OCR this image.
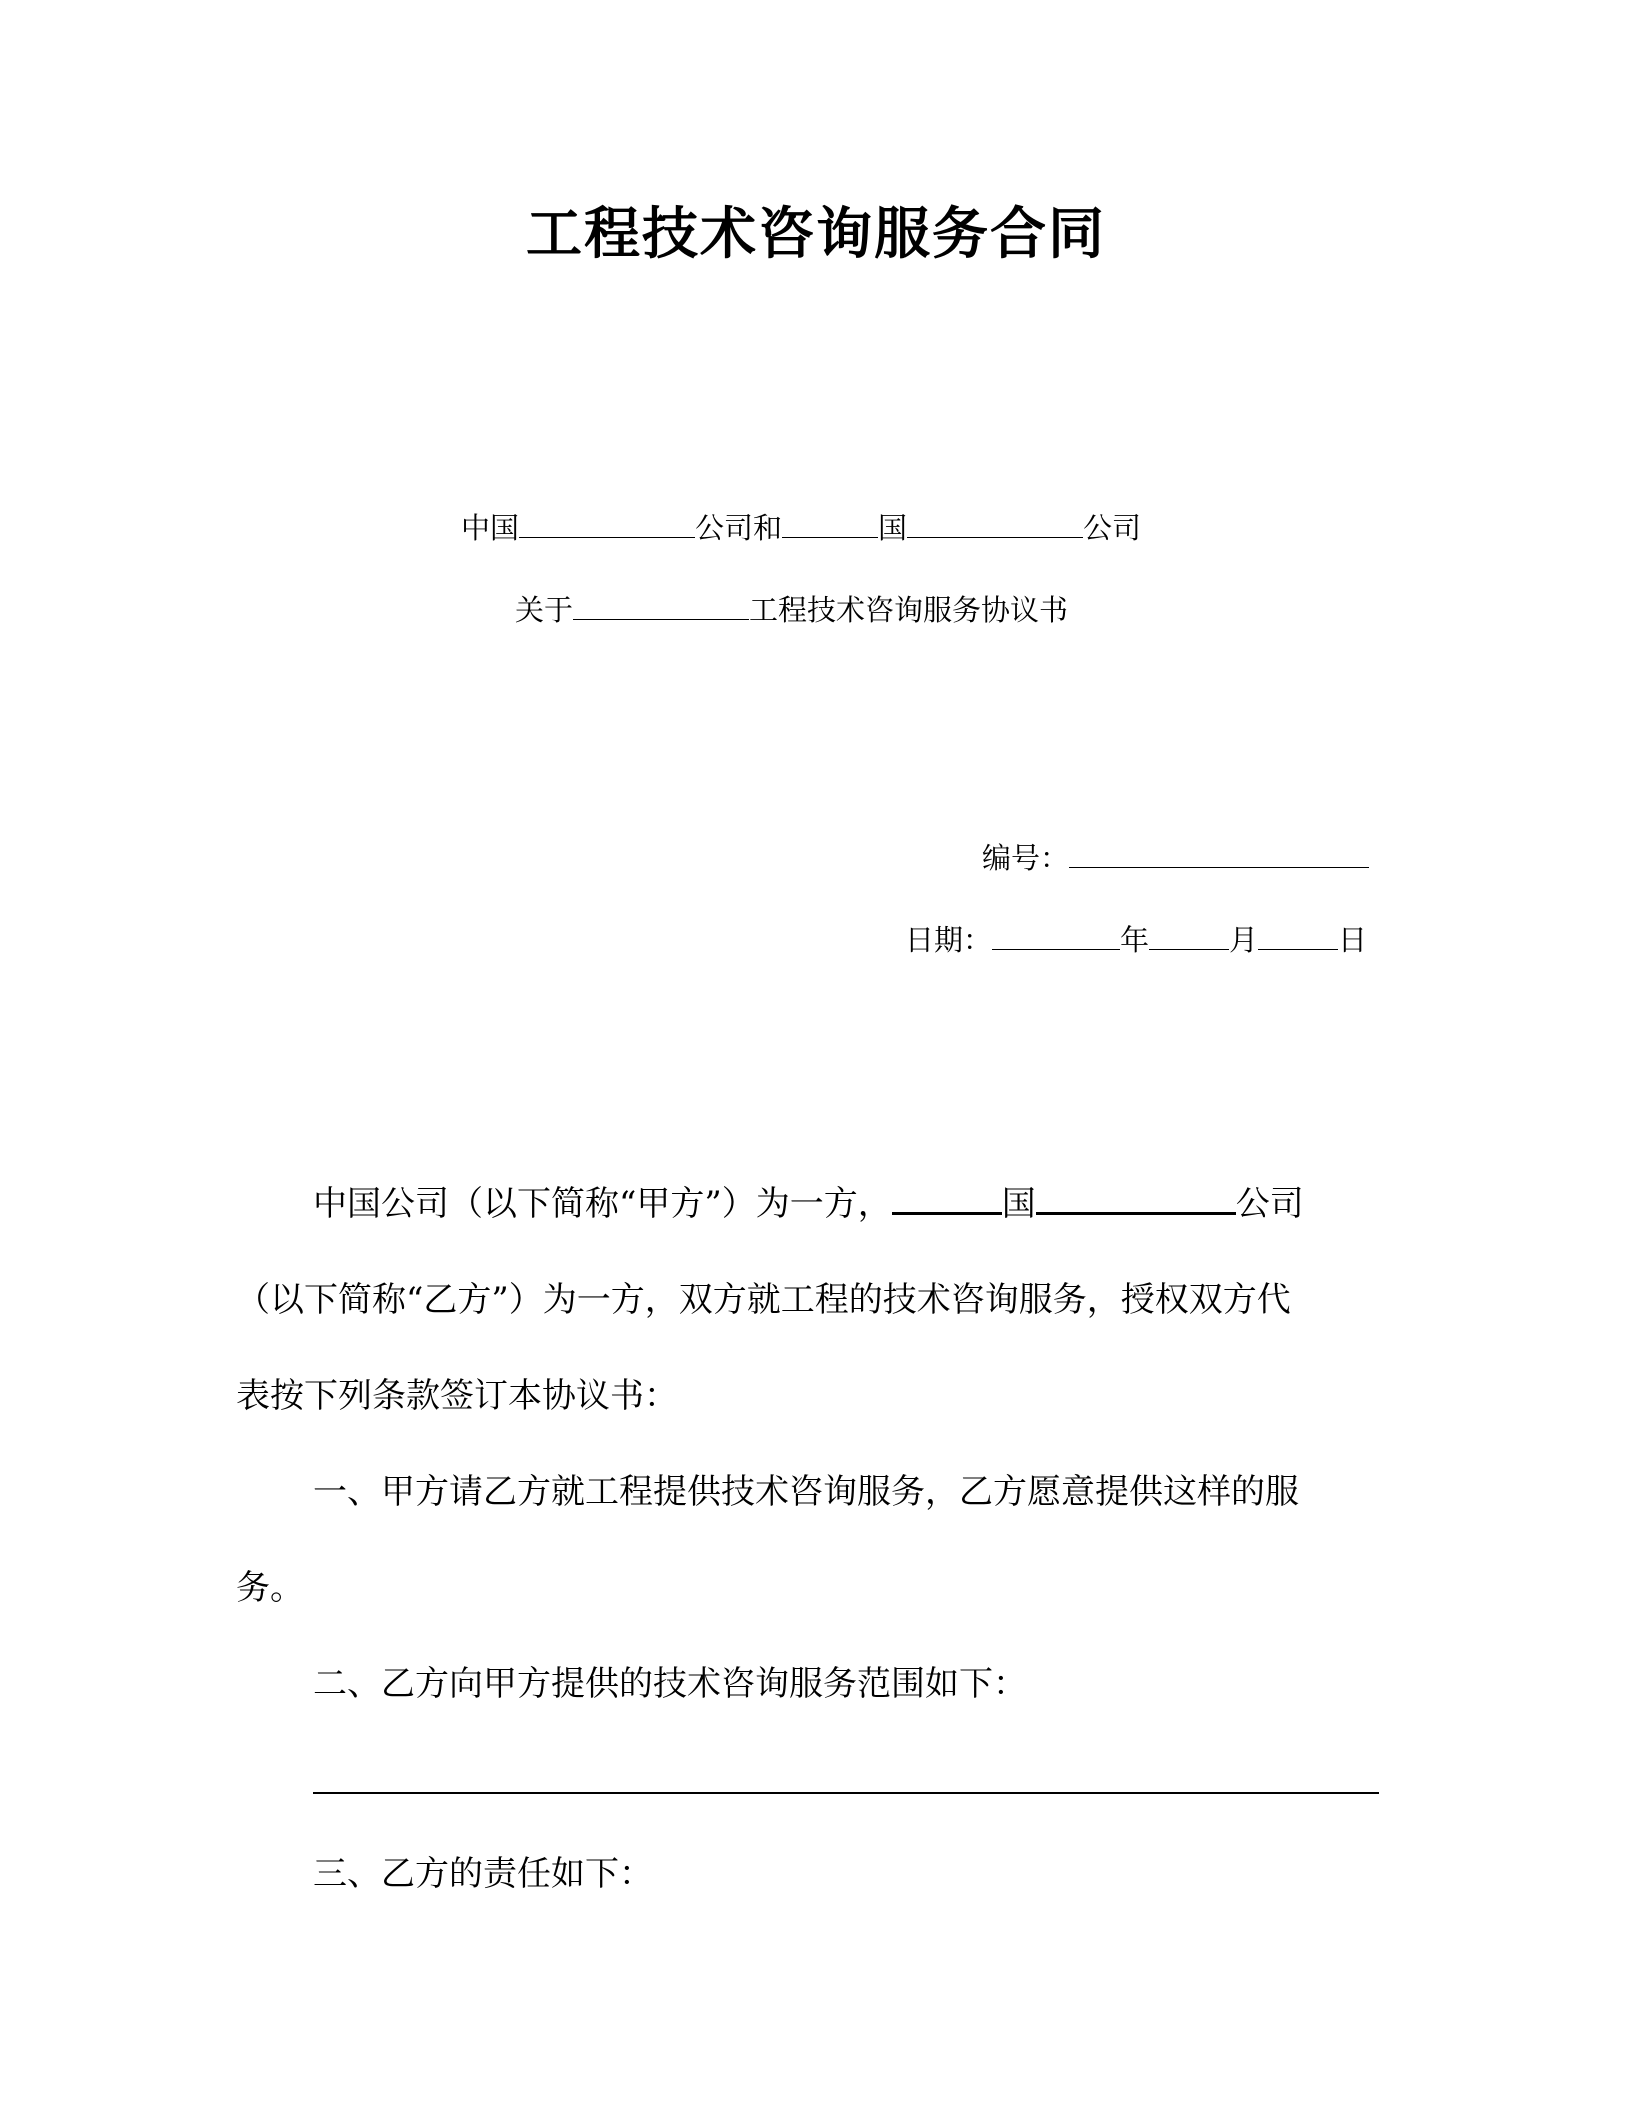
工程技术咨询服务合同
中国	公司和	国	公司
关于	工程技术咨询服务协议书
编号：
日期：	年	月	日
中国公司（以下简称“甲方”）为一方，	国	公司
（以下简称“乙方”）为一方，双方就工程的技术咨询服务，授权双方代
表按下列条款签订本协议书：
一、甲方请乙方就工程提供技术咨询服务，乙方愿意提供这样的服
务。
二、乙方向甲方提供的技术咨询服务范围如下：
三、乙方的责任如下：
